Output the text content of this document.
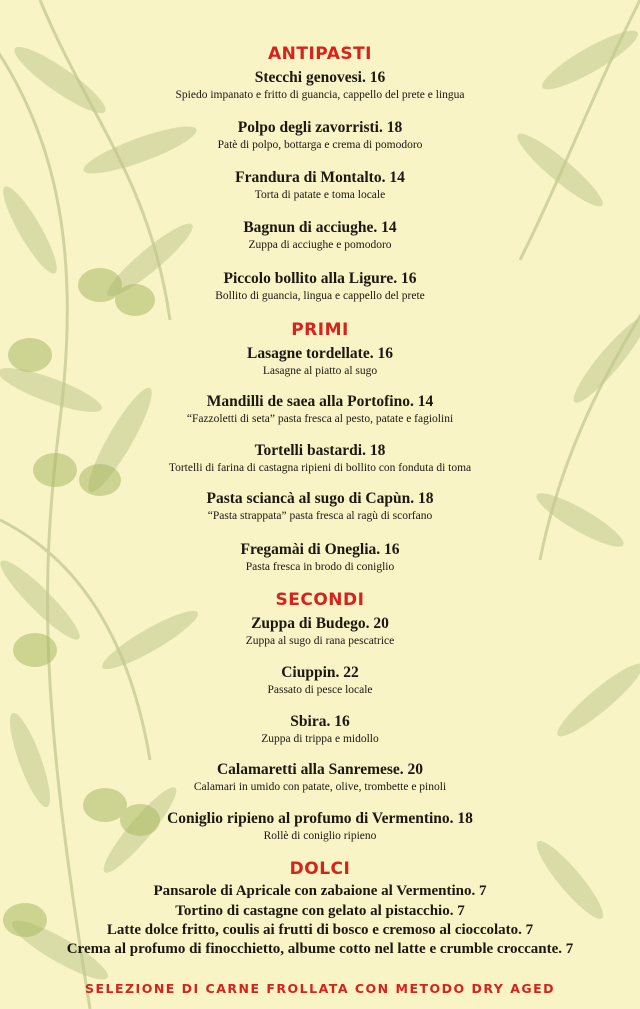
ANTIPASTI
Stecchi genovesi. 16
Spiedo impanato e fritto di guancia, cappello del prete e lingua
Polpo degli zavorristi. 18
Patè di polpo, bottarga e crema di pomodoro
Frandura di Montalto. 14
Torta di patate e toma locale
Bagnun di acciughe. 14
Zuppa di acciughe e pomodoro
Piccolo bollito alla Ligure. 16
Bollito di guancia, lingua e cappello del prete
PRIMI
Lasagne tordellate. 16
Lasagne al piatto al sugo
Mandilli de saea alla Portofino. 14
“Fazzoletti di seta” pasta fresca al pesto, patate e fagiolini
Tortelli bastardi. 18
Tortelli di farina di castagna ripieni di bollito con fonduta di toma
Pasta sciancà al sugo di Capùn. 18
“Pasta strappata” pasta fresca al ragù di scorfano
Fregamài di Oneglia. 16
Pasta fresca in brodo di coniglio
SECONDI
Zuppa di Budego. 20
Zuppa al sugo di rana pescatrice
Ciuppin. 22
Passato di pesce locale
Sbira. 16
Zuppa di trippa e midollo
Calamaretti alla Sanremese. 20
Calamari in umido con patate, olive, trombette e pinoli
Coniglio ripieno al profumo di Vermentino. 18
Rollè di coniglio ripieno
DOLCI
Pansarole di Apricale con zabaione al Vermentino. 7
Tortino di castagne con gelato al pistacchio. 7
Latte dolce fritto, coulis ai frutti di bosco e cremoso al cioccolato. 7
Crema al profumo di finocchietto, albume cotto nel latte e crumble croccante. 7
SELEZIONE DI CARNE FROLLATA CON METODO DRY AGED
